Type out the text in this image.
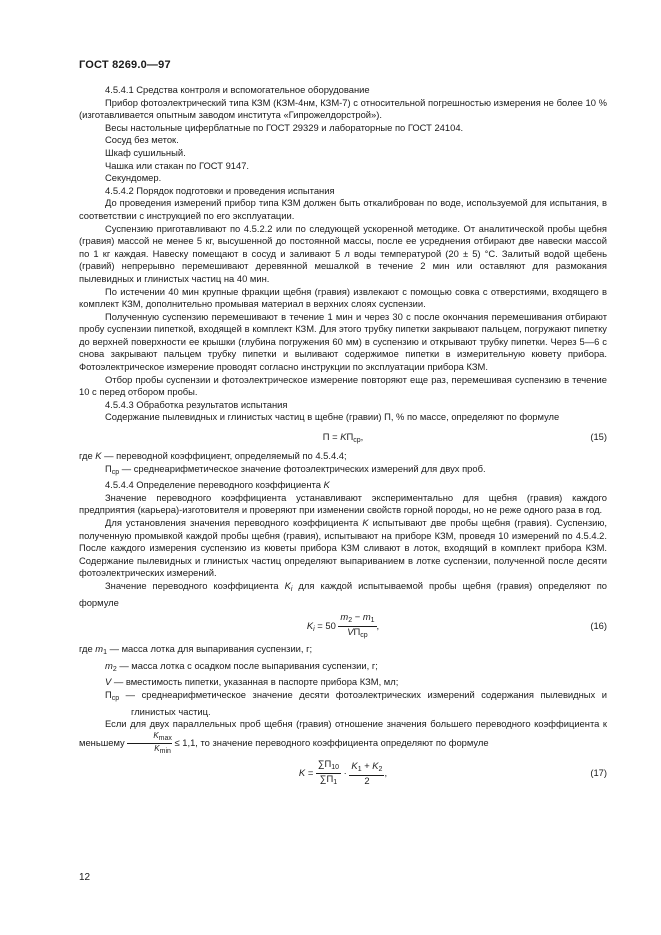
ГОСТ 8269.0—97

4.5.4.1 Средства контроля и вспомогательное оборудование

Прибор фотоэлектрический типа КЗМ (КЗМ-4нм, КЗМ-7) с относительной погрешностью измерения не более 10 % (изготавливается опытным заводом института «Гипрожелдорстрой»).

Весы настольные циферблатные по ГОСТ 29329 и лабораторные по ГОСТ 24104.

Сосуд без меток.

Шкаф сушильный.

Чашка или стакан по ГОСТ 9147.

Секундомер.

4.5.4.2 Порядок подготовки и проведения испытания

До проведения измерений прибор типа КЗМ должен быть откалиброван по воде, используемой для испытания, в соответствии с инструкцией по его эксплуатации.

Суспензию приготавливают по 4.5.2.2 или по следующей ускоренной методике. От аналитической пробы щебня (гравия) массой не менее 5 кг, высушенной до постоянной массы, после ее усреднения отбирают две навески массой по 1 кг каждая. Навеску помещают в сосуд и заливают 5 л воды температурой (20 ± 5) °С. Залитый водой щебень (гравий) непрерывно перемешивают деревянной мешалкой в течение 2 мин или оставляют для размокания пылевидных и глинистых частиц на 40 мин.

По истечении 40 мин крупные фракции щебня (гравия) извлекают с помощью совка с отверстиями, входящего в комплект КЗМ, дополнительно промывая материал в верхних слоях суспензии.

Полученную суспензию перемешивают в течение 1 мин и через 30 с после окончания перемешивания отбирают пробу суспензии пипеткой, входящей в комплект КЗМ. Для этого трубку пипетки закрывают пальцем, погружают пипетку до верхней поверхности ее крышки (глубина погружения 60 мм) в суспензию и открывают трубку пипетки. Через 5—6 с снова закрывают пальцем трубку пипетки и выливают содержимое пипетки в измерительную кювету прибора. Фотоэлектрическое измерение проводят согласно инструкции по эксплуатации прибора КЗМ.

Отбор пробы суспензии и фотоэлектрическое измерение повторяют еще раз, перемешивая суспензию в течение 10 с перед отбором пробы.

4.5.4.3 Обработка результатов испытания

Содержание пылевидных и глинистых частиц в щебне (гравии) П, % по массе, определяют по формуле

$П = KП_{ср}$,	(15)

где K — переводной коэффициент, определяемый по 4.5.4.4;

$П_{ср}$ — среднеарифметическое значение фотоэлектрических измерений для двух проб.

4.5.4.4 Определение переводного коэффициента K

Значение переводного коэффициента устанавливают экспериментально для щебня (гравия) каждого предприятия (карьера)-изготовителя и проверяют при изменении свойств горной породы, но не реже одного раза в год.

Для установления значения переводного коэффициента K испытывают две пробы щебня (гравия). Суспензию, полученную промывкой каждой пробы щебня (гравия), испытывают на приборе КЗМ, проведя 10 измерений по 4.5.4.2. После каждого измерения суспензию из кюветы прибора КЗМ сливают в лоток, входящий в комплект прибора КЗМ. Содержание пылевидных и глинистых частиц определяют выпариванием в лотке суспензии, полученной после десяти фотоэлектрических измерений.

Значение переводного коэффициента $K_i$ для каждой испытываемой пробы щебня (гравия) определяют по формуле

$K_i = 50 \frac{m_2 - m_1}{VП_{ср}}$ ,	(16)

где $m_1$ — масса лотка для выпаривания суспензии, г;

$m_2$ — масса лотка с осадком после выпаривания суспензии, г;

V — вместимость пипетки, указанная в паспорте прибора КЗМ, мл;

$П_{ср}$ — среднеарифметическое значение десяти фотоэлектрических измерений содержания пылевидных и глинистых частиц.

Если для двух параллельных проб щебня (гравия) отношение значения большего переводного коэффициента к меньшему $\frac{Kmax}{Kmin} \le 1,1$, то значение переводного коэффициента определяют по формуле

$K = \frac{\sum П_{10}}{\sum П_1} \cdot \frac{K_1 + K_2}{2}$ ,	(17)
12
